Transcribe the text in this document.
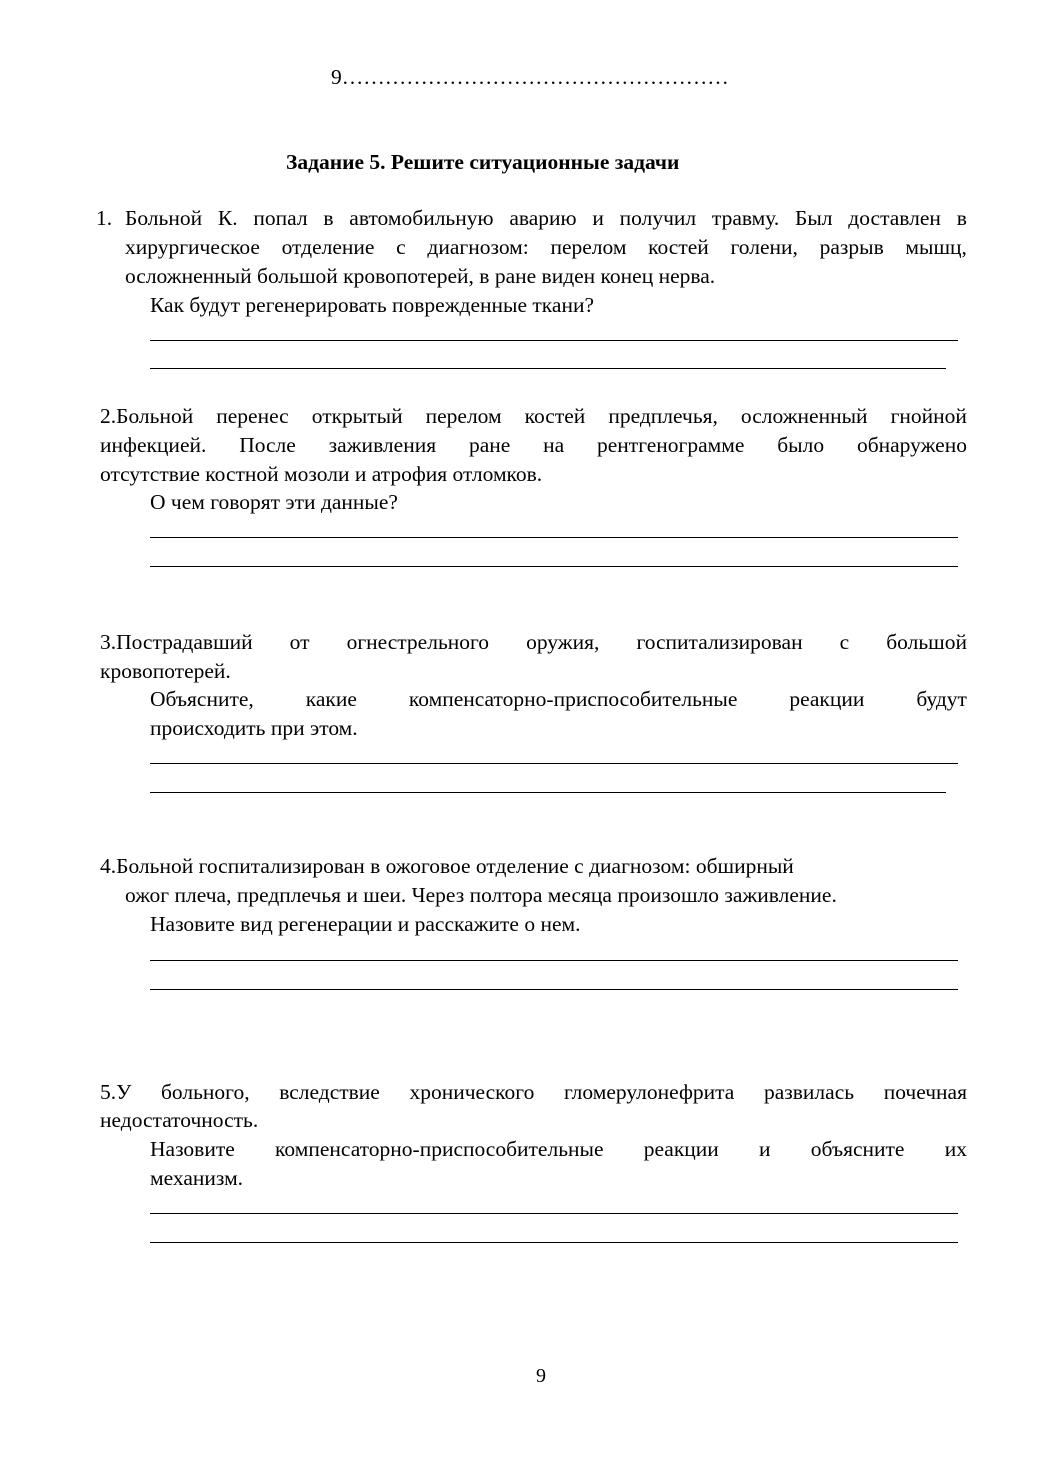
9………………………………………………
Задание 5. Решите ситуационные задачи
1. Больной К. попал в автомобильную аварию и получил травму. Был доставлен в
хирургическое отделение с диагнозом: перелом костей голени, разрыв мышц,
осложненный большой кровопотерей, в ране виден конец нерва.
Как будут регенерировать поврежденные ткани?
2.Больной перенес открытый перелом костей предплечья, осложненный гнойной
инфекцией. После заживления ране на рентгенограмме было обнаружено
отсутствие костной мозоли и атрофия отломков.
О чем говорят эти данные?
3.Пострадавший от огнестрельного оружия, госпитализирован с большой
кровопотерей.
Объясните, какие компенсаторно-приспособительные реакции будут
происходить при этом.
4.Больной госпитализирован в ожоговое отделение с диагнозом: обширный
ожог плеча, предплечья и шеи. Через полтора месяца произошло заживление.
Назовите вид регенерации и расскажите о нем.
5.У больного, вследствие хронического гломерулонефрита развилась почечная
недостаточность.
Назовите компенсаторно-приспособительные реакции и объясните их
механизм.
9
